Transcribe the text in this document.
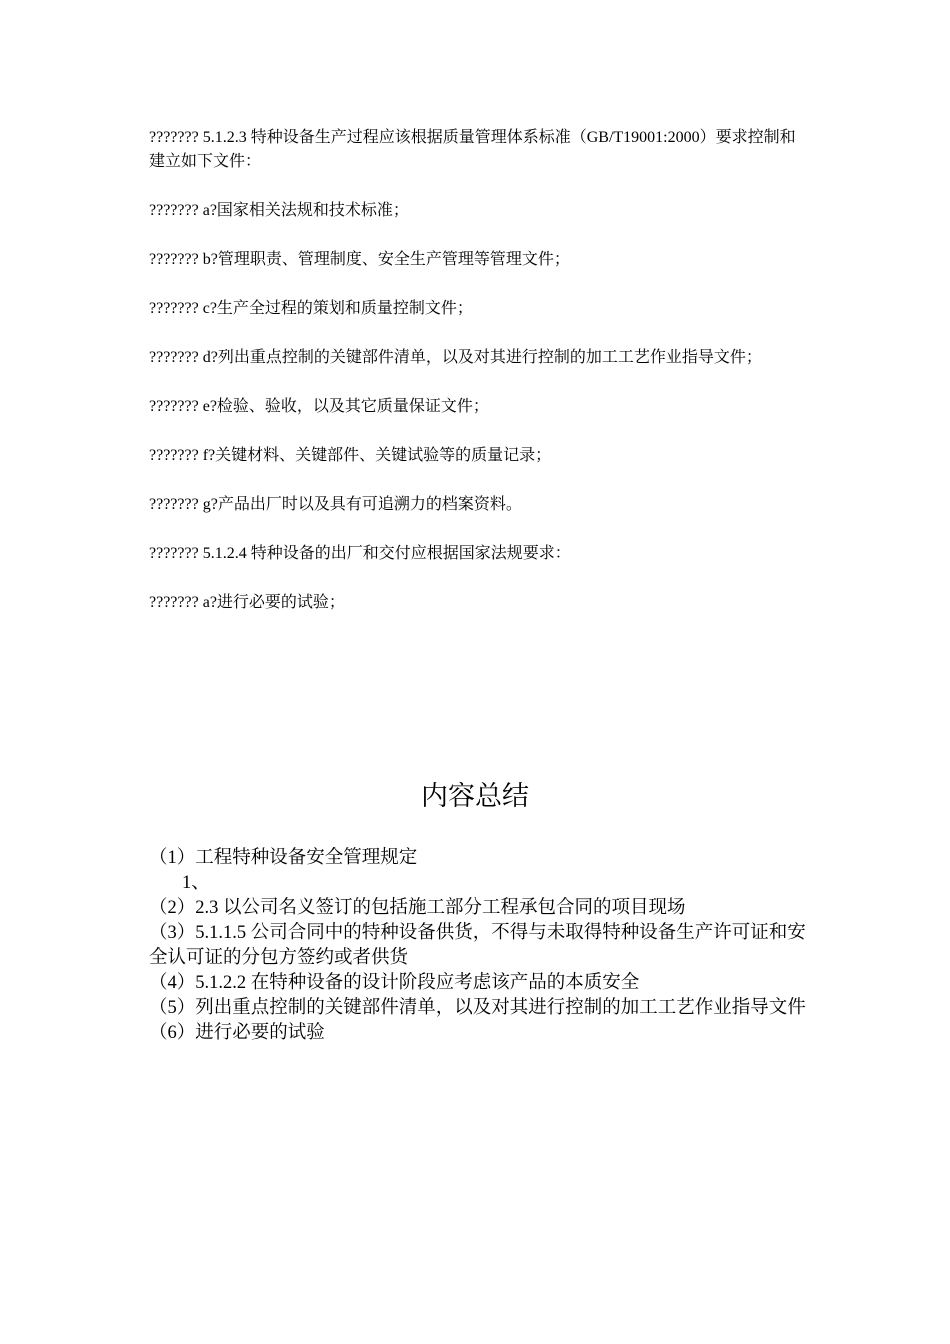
??????? 5.1.2.3 特种设备生产过程应该根据质量管理体系标准（GB/T19001:2000）要求控制和建立如下文件：

??????? a?国家相关法规和技术标准；

??????? b?管理职责、管理制度、安全生产管理等管理文件；

??????? c?生产全过程的策划和质量控制文件；

??????? d?列出重点控制的关键部件清单，以及对其进行控制的加工工艺作业指导文件；

??????? e?检验、验收，以及其它质量保证文件；

??????? f?关键材料、关键部件、关键试验等的质量记录；

??????? g?产品出厂时以及具有可追溯力的档案资料。

??????? 5.1.2.4 特种设备的出厂和交付应根据国家法规要求：

??????? a?进行必要的试验；

内容总结

（1）工程特种设备安全管理规定

1、

（2）2.3 以公司名义签订的包括施工部分工程承包合同的项目现场

（3）5.1.1.5 公司合同中的特种设备供货，不得与未取得特种设备生产许可证和安全认可证的分包方签约或者供货

（4）5.1.2.2 在特种设备的设计阶段应考虑该产品的本质安全

（5）列出重点控制的关键部件清单，以及对其进行控制的加工工艺作业指导文件

（6）进行必要的试验
